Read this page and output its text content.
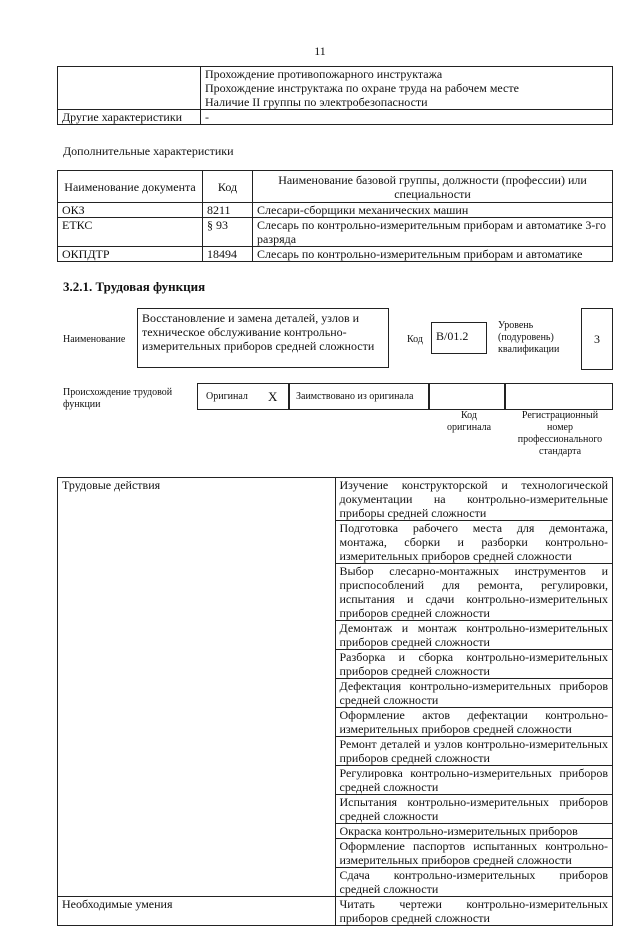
11

	Прохождение противопожарного инструктажа
Прохождение инструктажа по охране труда на рабочем месте
Наличие II группы по электробезопасности

Другие характеристики	-
Дополнительные характеристики
Наименование документа	Код	Наименование базовой группы, должности (профессии) или специальности
ОКЗ	8211	Слесари-сборщики механических машин
ЕТКС	§ 93	Слесарь по контрольно-измерительным приборам и автоматике 3-го разряда
ОКПДТР	18494	Слесарь по контрольно-измерительным приборам и автоматике
3.2.1. Трудовая функция
Наименование
Восстановление и замена деталей, узлов и техническое обслуживание контрольно-измерительных приборов средней сложности	Код	B/01.2
Уровень (подуровень) квалификации
3
Происхождение трудовой функции
Оригинал X Заимствовано из оригинала
Код оригинала
Регистрационный номер профессионального стандарта
Трудовые действия	Изучение конструкторской и технологической документации на контрольно-измерительные приборы средней сложности
	Подготовка рабочего места для демонтажа, монтажа, сборки и разборки контрольно-измерительных приборов средней сложности
	Выбор слесарно-монтажных инструментов и приспособлений для ремонта, регулировки, испытания и сдачи контрольно-измерительных приборов средней сложности
	Демонтаж и монтаж контрольно-измерительных приборов средней сложности
	Разборка и сборка контрольно-измерительных приборов средней сложности
	Дефектация контрольно-измерительных приборов средней сложности
	Оформление актов дефектации контрольно-измерительных приборов средней сложности
	Ремонт деталей и узлов контрольно-измерительных приборов средней сложности
	Регулировка контрольно-измерительных приборов средней сложности
	Испытания контрольно-измерительных приборов средней сложности
	Окраска контрольно-измерительных приборов
	Оформление паспортов испытанных контрольно-измерительных приборов средней сложности
	Сдача контрольно-измерительных приборов средней сложности
Необходимые умения	Читать чертежи контрольно-измерительных приборов средней сложности
